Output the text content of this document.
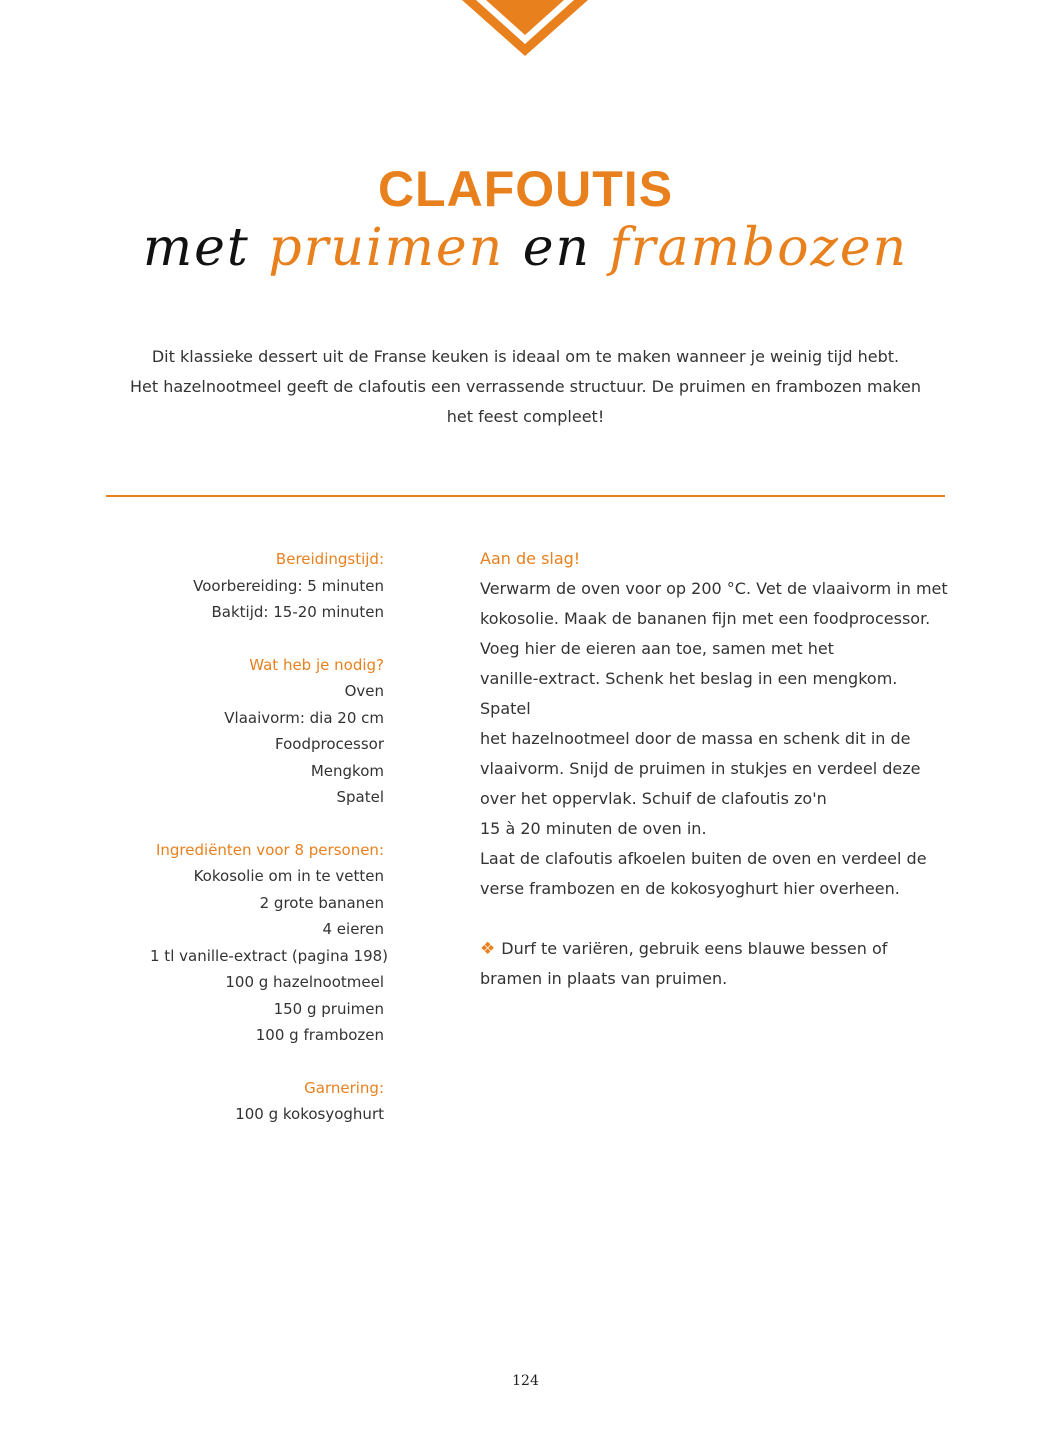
CLAFOUTIS
met pruimen en frambozen
Dit klassieke dessert uit de Franse keuken is ideaal om te maken wanneer je weinig tijd hebt.
Het hazelnootmeel geeft de clafoutis een verrassende structuur. De pruimen en frambozen maken
het feest compleet!
Bereidingstijd:
Voorbereiding: 5 minuten
Baktijd: 15-20 minuten
Wat heb je nodig?
Oven
Vlaaivorm: dia 20 cm
Foodprocessor
Mengkom
Spatel
Ingrediënten voor 8 personen:
Kokosolie om in te vetten
2 grote bananen
4 eieren
1 tl vanille-extract (pagina 198)
100 g hazelnootmeel
150 g pruimen
100 g frambozen
Garnering:
100 g kokosyoghurt
Aan de slag!
Verwarm de oven voor op 200 °C. Vet de vlaaivorm in met
kokosolie. Maak de bananen fijn met een foodprocessor.
Voeg hier de eieren aan toe, samen met het
vanille-extract. Schenk het beslag in een mengkom. Spatel
het hazelnootmeel door de massa en schenk dit in de
vlaaivorm. Snijd de pruimen in stukjes en verdeel deze
over het oppervlak. Schuif de clafoutis zo'n
15 à 20 minuten de oven in.
Laat de clafoutis afkoelen buiten de oven en verdeel de
verse frambozen en de kokosyoghurt hier overheen.
❖ Durf te variëren, gebruik eens blauwe bessen of
bramen in plaats van pruimen.
124
